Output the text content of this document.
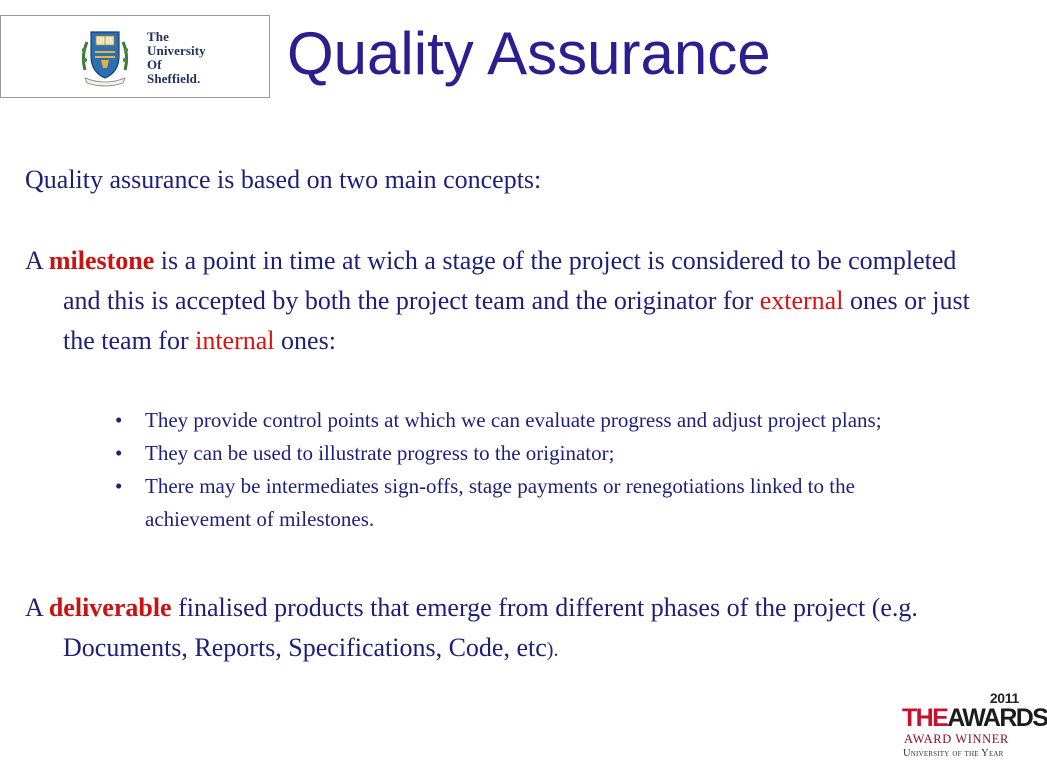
The
University
Of
Sheffield. Quality Assurance
Quality assurance is based on two main concepts:
A milestone is a point in time at wich a stage of the project is considered to be completed and this is accepted by both the project team and the originator for external ones or just the team for internal ones:
• They provide control points at which we can evaluate progress and adjust project plans;
• They can be used to illustrate progress to the originator;
• There may be intermediates sign-offs, stage payments or renegotiations linked to the achievement of milestones.
A deliverable finalised products that emerge from different phases of the project (e.g. Documents, Reports, Specifications, Code, etc).
2011
THEAWARDS
AWARD WINNER
University of the Year
